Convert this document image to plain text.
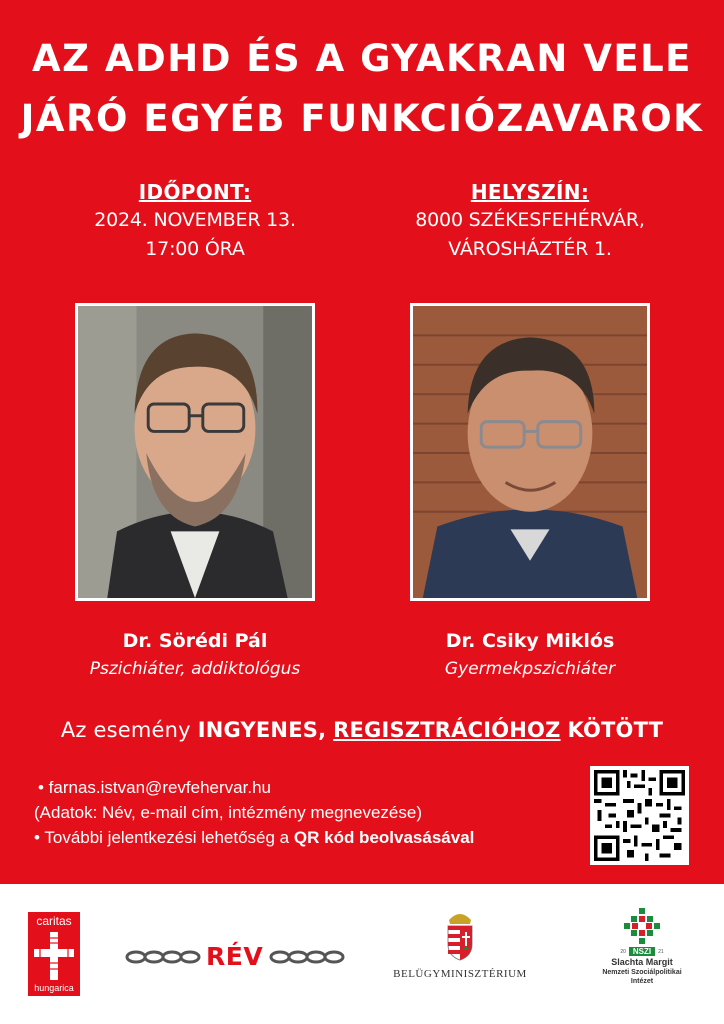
AZ ADHD ÉS A GYAKRAN VELE
JÁRÓ EGYÉB FUNKCIÓZAVAROK
IDŐPONT:
2024. NOVEMBER 13.
17:00 ÓRA
HELYSZÍN:
8000 SZÉKESFEHÉRVÁR,
VÁROSHÁZTÉR 1.
Dr. Sörédi Pál
Pszichiáter, addiktológus
Dr. Csiky Miklós
Gyermekpszichiáter
Az esemény INGYENES, REGISZTRÁCIÓHOZ KÖTÖTT
• farnas.istvan@revfehervar.hu
(Adatok: Név, e-mail cím, intézmény megnevezése)
• További jelentkezési lehetőség a QR kód beolvasásával
caritas
hungarica
RÉV
BELÜGYMINISZTÉRIUM
20 NSZI	21
Slachta Margit
Nemzeti Szociálpolitikai
Intézet
